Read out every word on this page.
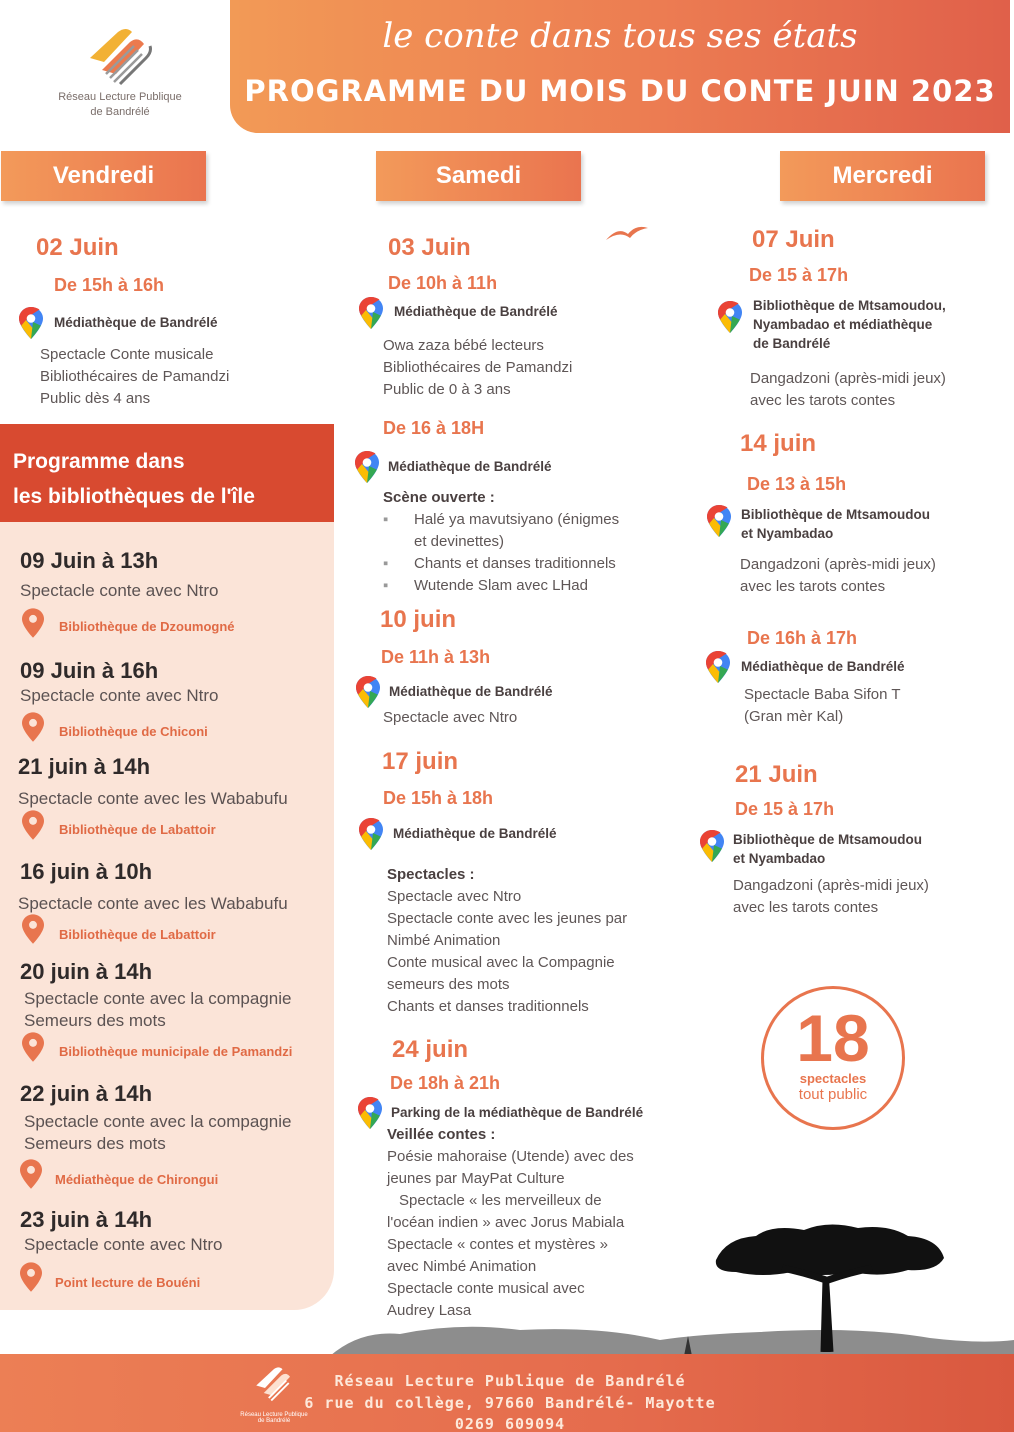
Réseau Lecture Publique
de Bandrélé
le conte dans tous ses états
PROGRAMME DU MOIS DU CONTE JUIN 2023
Vendredi	Samedi	Mercredi
02 Juin
De 15h à 16h
Médiathèque de Bandrélé
Spectacle Conte musicale
Bibliothécaires de Pamandzi
Public dès 4 ans
Programme dans
les bibliothèques de l'île
09 Juin à 13h
Spectacle conte avec Ntro
Bibliothèque de Dzoumogné
09 Juin à 16h
Spectacle conte avec Ntro
Bibliothèque de Chiconi
21 juin à 14h
Spectacle conte avec les Wababufu
Bibliothèque de Labattoir
16 juin à 10h
Spectacle conte avec les Wababufu
Bibliothèque de Labattoir
20 juin à 14h
Spectacle conte avec la compagnie
Semeurs des mots
Bibliothèque municipale de Pamandzi
22 juin à 14h
Spectacle conte avec la compagnie
Semeurs des mots
Médiathèque de Chirongui
23 juin à 14h
Spectacle conte avec Ntro
Point lecture de Bouéni
03 Juin
De 10h à 11h
Médiathèque de Bandrélé
Owa zaza bébé lecteurs
Bibliothécaires de Pamandzi
Public de 0 à 3 ans
De 16 à 18H
Médiathèque de Bandrélé
Scène ouverte :
▪ Halé ya mavutsiyano (énigmes
et devinettes)
▪ Chants et danses traditionnels
▪ Wutende Slam avec LHad
10 juin
De 11h à 13h
Médiathèque de Bandrélé
Spectacle avec Ntro
17 juin
De 15h à 18h
Médiathèque de Bandrélé
Spectacles :
Spectacle avec Ntro
Spectacle conte avec les jeunes par
Nimbé Animation
Conte musical avec la Compagnie
semeurs des mots
Chants et danses traditionnels
24 juin
De 18h à 21h
Parking de la médiathèque de Bandrélé
Veillée contes :
Poésie mahoraise (Utende) avec des
jeunes par MayPat Culture
Spectacle « les merveilleux de
l'océan indien » avec Jorus Mabiala
Spectacle « contes et mystères »
avec Nimbé Animation
Spectacle conte musical avec
Audrey Lasa
07 Juin
De 15 à 17h
Bibliothèque de Mtsamoudou,
Nyambadao et médiathèque
de Bandrélé
Dangadzoni (après-midi jeux)
avec les tarots contes
14 juin
De 13 à 15h
Bibliothèque de Mtsamoudou
et Nyambadao
Dangadzoni (après-midi jeux)
avec les tarots contes
De 16h à 17h
Médiathèque de Bandrélé
Spectacle Baba Sifon T
(Gran mèr Kal)
21 Juin
De 15 à 17h
Bibliothèque de Mtsamoudou
et Nyambadao
Dangadzoni (après-midi jeux)
avec les tarots contes
18
spectacles
tout public
Réseau Lecture Publique
de Bandrélé
Réseau Lecture Publique de Bandrélé
6 rue du collège, 97660 Bandrélé- Mayotte
0269 609094
